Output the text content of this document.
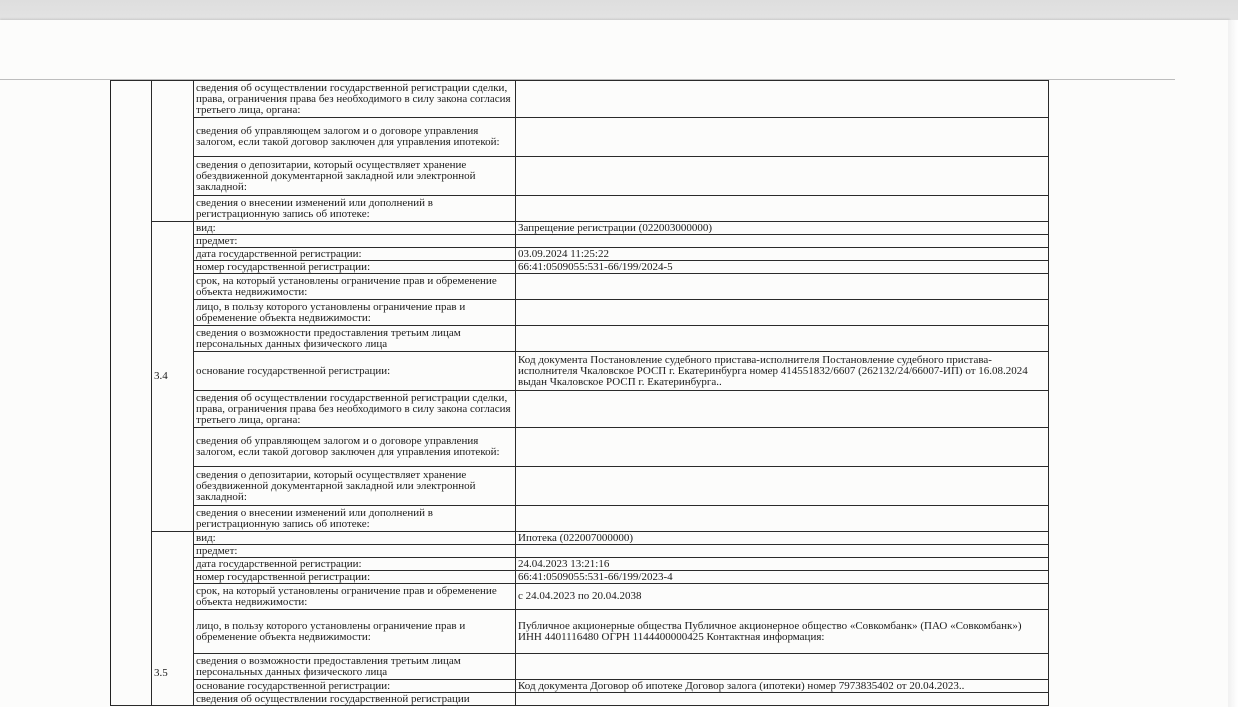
	сведения об осуществлении государственной регистрации сделки, права, ограничения права без необходимого в силу закона согласия третьего лица, органа:	
		сведения об управляющем залогом и о договоре управления залогом, если такой договор заключен для управления ипотекой:	
		сведения о депозитарии, который осуществляет хранение обездвиженной документарной закладной или электронной закладной:	
		сведения о внесении изменений или дополнений в регистрационную запись об ипотеке:	

	3.4	вид:	Запрещение регистрации (022003000000)
		предмет:	
		дата государственной регистрации:	03.09.2024 11:25:22
		номер государственной регистрации:	66:41:0509055:531-66/199/2024-5
		срок, на который установлены ограничение прав и обременение объекта недвижимости:	
		лицо, в пользу которого установлены ограничение прав и обременение объекта недвижимости:	
		сведения о возможности предоставления третьим лицам персональных данных физического лица	
		основание государственной регистрации:	Код документа Постановление судебного пристава-исполнителя Постановление судебного пристава-исполнителя Чкаловское РОСП г. Екатеринбурга номер 414551832/6607 (262132/24/66007-ИП) от 16.08.2024 выдан Чкаловское РОСП г. Екатеринбурга..
		сведения об осуществлении государственной регистрации сделки, права, ограничения права без необходимого в силу закона согласия третьего лица, органа:	
		сведения об управляющем залогом и о договоре управления залогом, если такой договор заключен для управления ипотекой:	
		сведения о депозитарии, который осуществляет хранение обездвиженной документарной закладной или электронной закладной:	
		сведения о внесении изменений или дополнений в регистрационную запись об ипотеке:	

	3.5	вид:	Ипотека (022007000000)
		предмет:	
		дата государственной регистрации:	24.04.2023 13:21:16
		номер государственной регистрации:	66:41:0509055:531-66/199/2023-4
		срок, на который установлены ограничение прав и обременение объекта недвижимости:	с 24.04.2023 по 20.04.2038
		лицо, в пользу которого установлены ограничение прав и обременение объекта недвижимости:	Публичное акционерные общества Публичное акционерное общество «Совкомбанк» (ПАО «Совкомбанк») ИНН 4401116480 ОГРН 1144400000425 Контактная информация:
		сведения о возможности предоставления третьим лицам персональных данных физического лица	
		основание государственной регистрации:	Код документа Договор об ипотеке Договор залога (ипотеки) номер 7973835402 от 20.04.2023..
		сведения об осуществлении государственной регистрации	
